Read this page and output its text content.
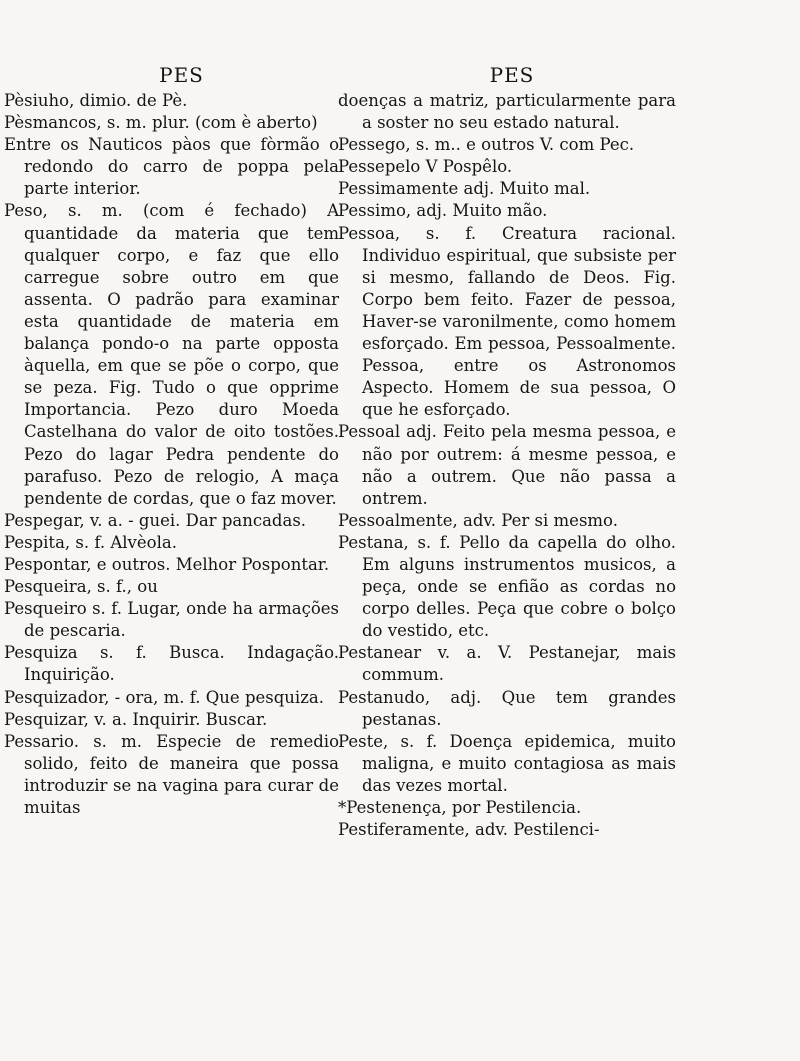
PES
Pèsiuho, dimio. de Pè.
Pèsmancos, s. m. plur. (com è aberto)
Entre os Nauticos pàos que fòrmão o redondo do carro de poppa pela parte interior.
Peso, s. m. (com é fechado) A quantidade da materia que tem qualquer corpo, e faz que ello carregue sobre outro em que assenta. O padrão para examinar esta quantidade de materia em balança pondo-o na parte opposta àquella, em que se põe o corpo, que se peza. Fig. Tudo o que opprime Importancia. Pezo duro Moeda Castelhana do valor de oito tostões. Pezo do lagar Pedra pendente do parafuso. Pezo de relogio, A maça pendente de cordas, que o faz mover.
Pespegar, v. a. - guei. Dar pancadas.
Pespita, s. f. Alvèola.
Pespontar, e outros. Melhor Pospontar.
Pesqueira, s. f., ou
Pesqueiro s. f. Lugar, onde ha armações de pescaria.
Pesquiza s. f. Busca. Indagação. Inquirição.
Pesquizador, - ora, m. f. Que pesquiza.
Pesquizar, v. a. Inquirir. Buscar.
Pessario. s. m. Especie de remedio solido, feito de maneira que possa introduzir se na vagina para curar de muitas
PES
doenças a matriz, particularmente para a soster no seu estado natural.
Pessego, s. m.. e outros V. com Pec.
Pessepelo V Pospêlo.
Pessimamente adj. Muito mal.
Pessimo, adj. Muito mão.
Pessoa, s. f. Creatura racional. Individuo espiritual, que subsiste per si mesmo, fallando de Deos. Fig. Corpo bem feito. Fazer de pessoa, Haver-se varonilmente, como homem esforçado. Em pessoa, Pessoalmente. Pessoa, entre os Astronomos Aspecto. Homem de sua pessoa, O que he esforçado.
Pessoal adj. Feito pela mesma pessoa, e não por outrem: á mesme pessoa, e não a outrem. Que não passa a ontrem.
Pessoalmente, adv. Per si mesmo.
Pestana, s. f. Pello da capella do olho. Em alguns instrumentos musicos, a peça, onde se enfião as cordas no corpo delles. Peça que cobre o bolço do vestido, etc.
Pestanear v. a. V. Pestanejar, mais commum.
Pestanudo, adj. Que tem grandes pestanas.
Peste, s. f. Doença epidemica, muito maligna, e muito contagiosa as mais das vezes mortal.
*Pestenença, por Pestilencia.
Pestiferamente, adv. Pestilenci-
